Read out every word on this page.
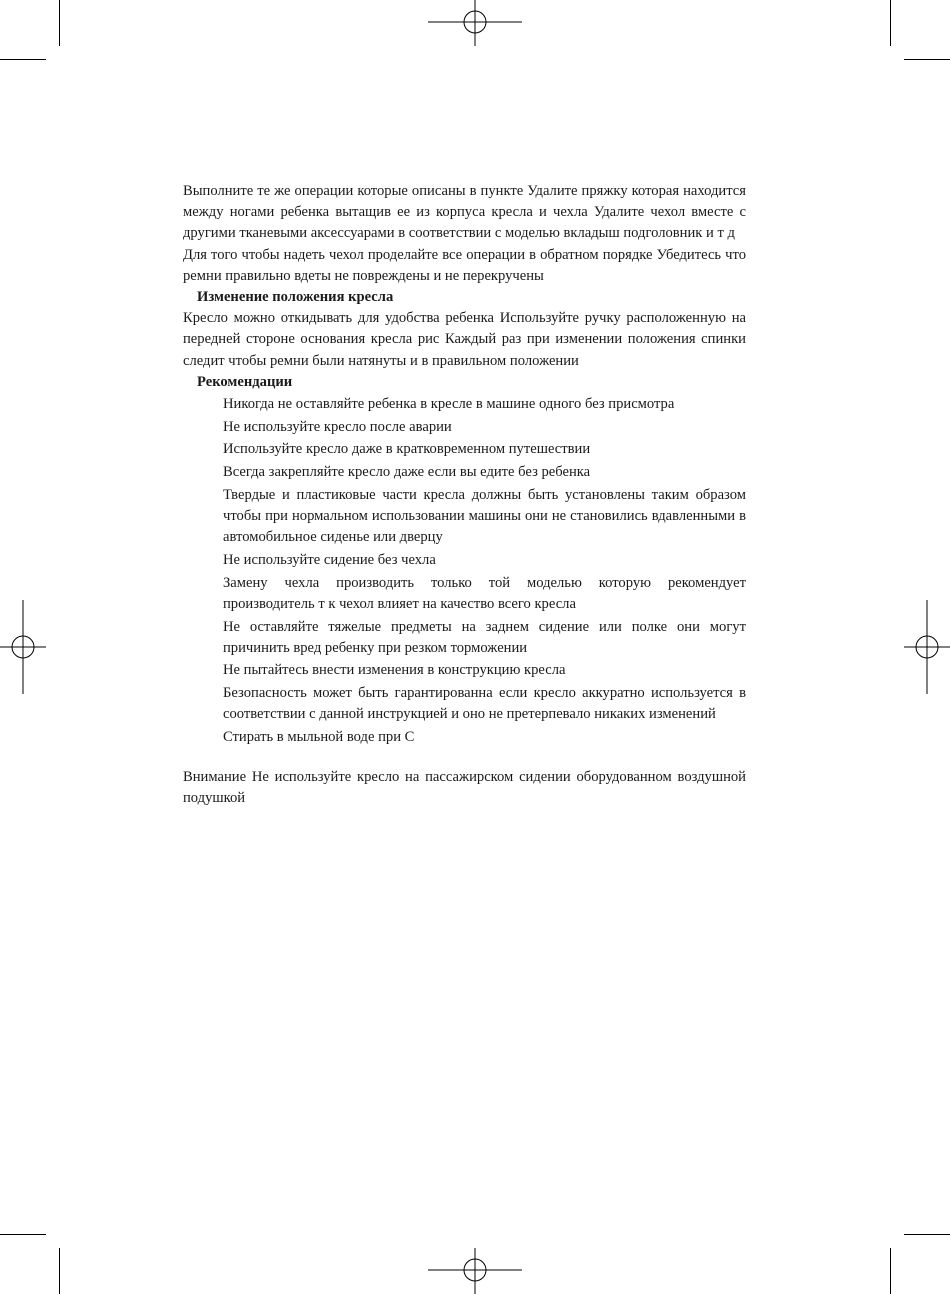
Выполните те же операции которые описаны в пункте Удалите пряжку которая находится между ногами ребенка вытащив ее из корпуса кресла и чехла Удалите чехол вместе с другими тканевыми аксессуарами в соответствии с моделью вкладыш подголовник и т д

Для того чтобы надеть чехол проделайте все операции в обратном порядке Убедитесь что ремни правильно вдеты не повреждены и не перекручены

Изменение положения кресла

Кресло можно откидывать для удобства ребенка Используйте ручку расположенную на передней стороне основания кресла рис Каждый раз при изменении положения спинки следит чтобы ремни были натянуты и в правильном положении

Рекомендации
Никогда не оставляйте ребенка в кресле в машине одного без присмотра
Не используйте кресло после аварии
Используйте кресло даже в кратковременном путешествии
Всегда закрепляйте кресло даже если вы едите без ребенка
Твердые и пластиковые части кресла должны быть установлены таким образом чтобы при нормальном использовании машины они не становились вдавленными в автомобильное сиденье или дверцу
Не используйте сидение без чехла
Замену чехла производить только той моделью которую рекомендует производитель т к чехол влияет на качество всего кресла
Не оставляйте тяжелые предметы на заднем сидение или полке они могут причинить вред ребенку при резком торможении
Не пытайтесь внести изменения в конструкцию кресла
Безопасность может быть гарантированна если кресло аккуратно используется в соответствии с данной инструкцией и оно не претерпевало никаких изменений
Стирать в мыльной воде при С

Внимание Не используйте кресло на пассажирском сидении оборудованном воздушной подушкой
